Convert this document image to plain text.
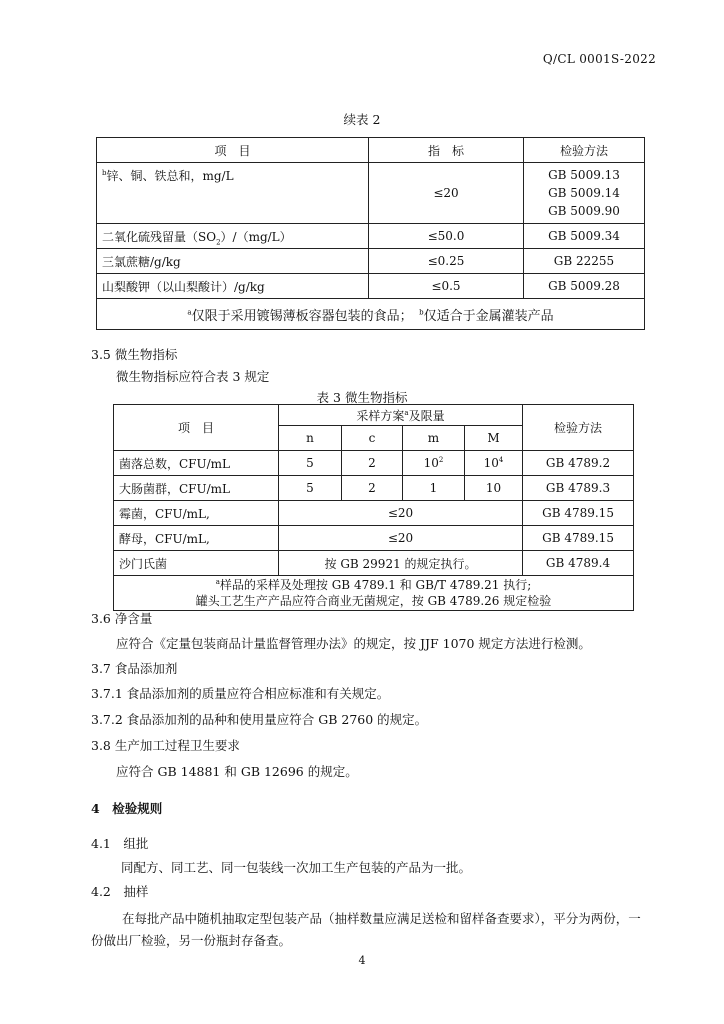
Q/CL 0001S-2022
续表 2
项　目	指　标	检验方法
$^b$锌、铜、铁总和，mg/L	≤20	GB 5009.13
GB 5009.14
GB 5009.90

二氧化硫残留量$(SO_2)/(mg/L)$	≤50.0	GB 5009.34
三氯蔗糖/g/kg	≤0.25	GB 22255
山梨酸钾（以山梨酸计）/g/kg	≤0.5	GB 5009.28
$^a$仅限于采用镀锡薄板容器包装的食品；　 $^b$仅适合于金属灌装产品		
3.5 微生物指标
微生物指标应符合表 3 规定
表 3 微生物指标
项　目	采样方案$^a$及限量				检验方法
	n	c	m	M	
菌落总数，CFU/mL	5	2	$10^2$	$10^4$	GB 4789.2
大肠菌群，CFU/mL	5	2	1	10	GB 4789.3
霉菌，CFU/mL,	≤20				GB 4789.15
酵母，CFU/mL,	≤20				GB 4789.15
沙门氏菌	按 GB 29921 的规定执行。				GB 4789.4

$^a$样品的采样及处理按 GB 4789.1 和 GB/T 4789.21 执行;
罐头工艺生产产品应符合商业无菌规定，按 GB 4789.26 规定检验					
3.6 净含量
应符合《定量包装商品计量监督管理办法》的规定，按 JJF 1070 规定方法进行检测。
3.7 食品添加剂
3.7.1 食品添加剂的质量应符合相应标准和有关规定。
3.7.2 食品添加剂的品种和使用量应符合 GB 2760 的规定。
3.8 生产加工过程卫生要求
应符合 GB 14881 和 GB 12696 的规定。
4　检验规则
4.1　组批
同配方、同工艺、同一包装线一次加工生产包装的产品为一批。
4.2　抽样
在每批产品中随机抽取定型包装产品（抽样数量应满足送检和留样备查要求），平分为两份，一
份做出厂检验，另一份瓶封存备查。
4
